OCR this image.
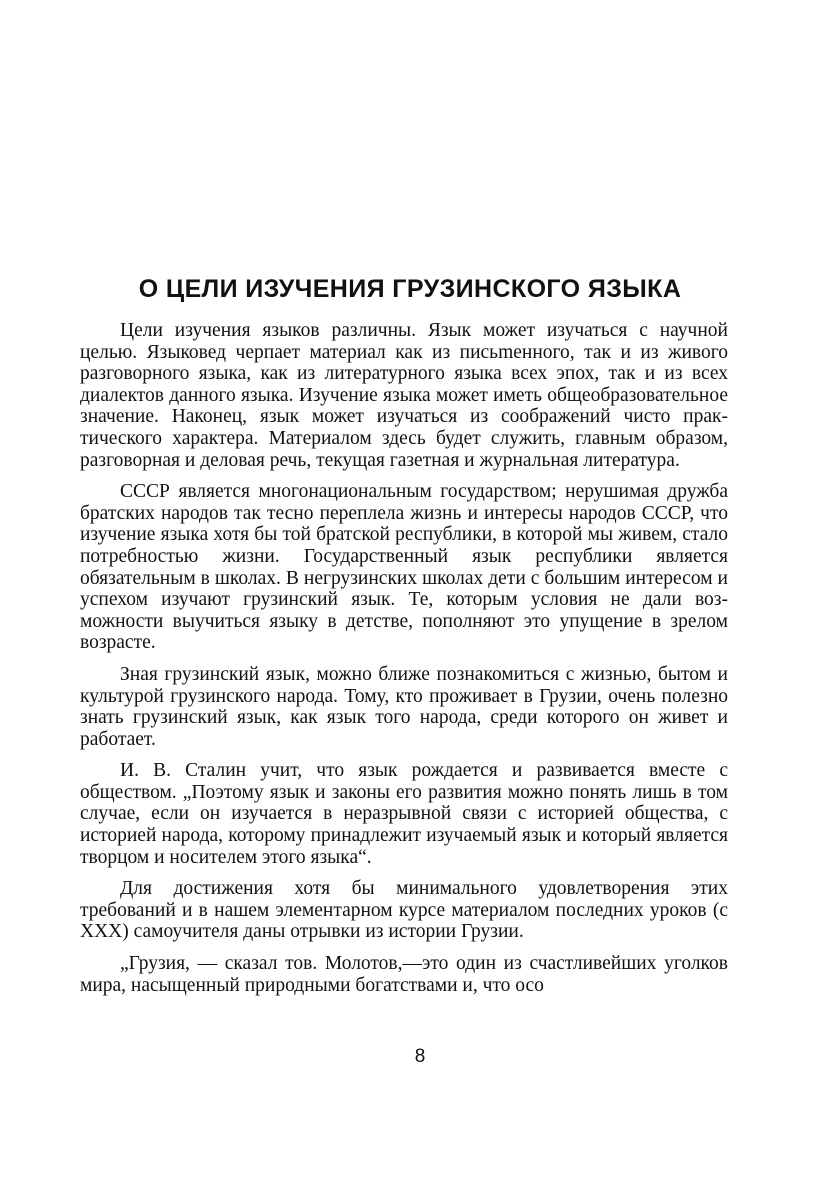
О ЦЕЛИ ИЗУЧЕНИЯ ГРУЗИНСКОГО ЯЗЫКА

Цели изучения языков различны. Язык может изучаться с научной целью. Языковед черпает материал как из письmенного, так и из живого разговорного языка, как из литературного языка всех эпох, так и из всех диалектов данного языка. Изучение языка может иметь общеобразовательное значение. Наконец, язык может изучаться из соображений чисто практического характера. Материалом здесь будет служить, главным образом, разговорная и деловая речь, текущая газетная и журнальная литература.

СССР является многонациональным государством; нерушимая дружба братских народов так тесно переплела жизнь и интересы народов СССР, что изучение языка хотя бы той братской республики, в которой мы живем, стало потребностью жизни. Государственный язык республики является обязательным в школах. В негрузинских школах дети с большим интересом и успехом изучают грузинский язык. Те, которым условия не дали возможности выучиться языку в детстве, пополняют это упущение в зрелом возрасте.

Зная грузинский язык, можно ближе познакомиться с жизнью, бытом и культурой грузинского народа. Тому, кто проживает в Грузии, очень полезно знать грузинский язык, как язык того народа, среди которого он живет и работает.

И. В. Сталин учит, что язык рождается и развивается вместе с обществом. „Поэтому язык и законы его развития можно понять лишь в том случае, если он изучается в неразрывной связи с историей общества, с историей народа, которому принадлежит изучаемый язык и который является творцом и носителем этого языка“.

Для достижения хотя бы минимального удовлетворения этих требований и в нашем элементарном курсе материалом последних уроков (с XXX) самоучителя даны отрывки из истории Грузии.

„Грузия, — сказал тов. Молотов,—это один из счастливейших уголков мира, насыщенный природными богатствами и, что осо

8
